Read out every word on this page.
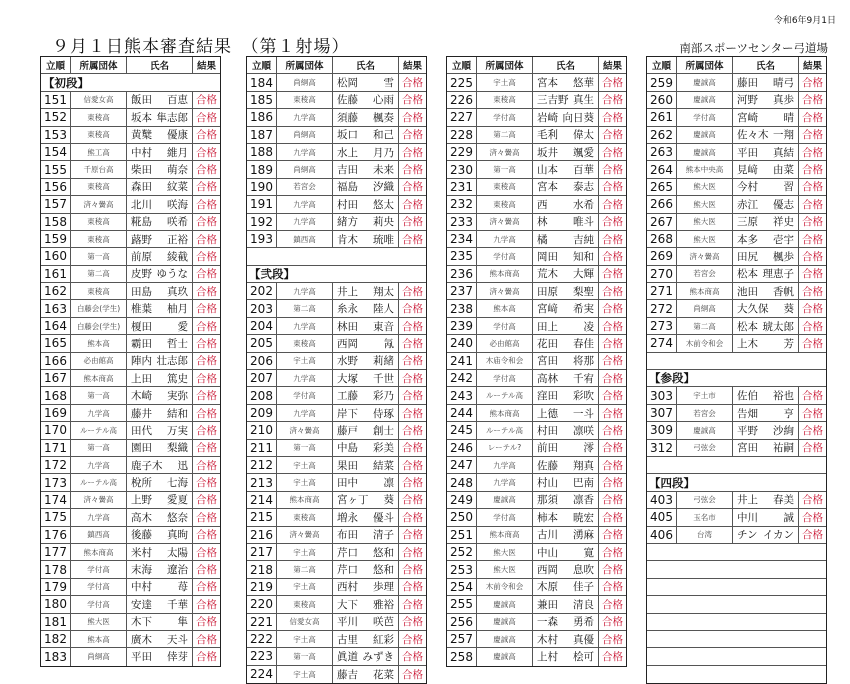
令和6年9月1日
９月１日熊本審査結果　（第１射場）	南部スポーツセンター弓道場
立順	所属団体	氏 名	結果
【初段】
151	信愛女高	飯田 百恵 合格
152	東稜高	坂本 隼志郎 合格
153	東稜高	黄櫱 優康 合格
154	熊工高	中村 維月 合格
155	千原台高	柴田 萌奈 合格
156	東稜高	森田 紋菜 合格
157	済々黌高	北川 咲海 合格
158	東稜高	糀島 咲希 合格
159	東稜高	蕗野 正裕 合格
160	第一高	前原 綾截 合格
161	第二高	皮野 ゆうな 合格
162	東稜高	田島 真玖 合格
163	白藤会(学生)	椎葉 柚月 合格
164	白藤会(学生)	榎田 愛 合格
165	熊本高	霸田 哲士 合格
166	必由館高	陣内 壮志郎 合格
167	熊本商高	上田 篤史 合格
168	第一高	木崎 実弥 合格
169	九学高	藤井 結和 合格
170	ルーテル高	田代 万実 合格
171	第一高	園田 梨織 合格
172	九学高	鹿子木 迅 合格
173	ルーテル高	梲所 七海 合格
174	済々黌高	上野 愛夏 合格
175	九学高	高木 悠奈 合格
176	鎮西高	後藤 真昫 合格
177	熊本商高	米村 太陽 合格
178	学付高	末海 遼治 合格
179	学付高	中村 苺 合格
180	学付高	安達 千華 合格
181	熊大医	木下 隼 合格
182	熊本高	廣木 天斗 合格
183	尚絅高	平田 倖芽 合格
立順	所属団体	氏 名	結果
184	尚絅高	松岡 雪 合格
185	東稜高	佐藤 心雨 合格
186	九学高	須藤 楓奏 合格
187	尚絅高	坂口 和己 合格
188	九学高	水上 月乃 合格
189	尚絅高	吉田 未来 合格
190	若宮会	福島 汐織 合格
191	九学高	村田 悠太 合格
192	九学高	緒方 莉央 合格
193	鎮西高	肯木 琉唯 合格
【弐段】
202	九学高	井上 翔太 合格
203	第二高	糸永 陸人 合格
204	九学高	林田 東音 合格
205	東稜高	西岡 氝 合格
206	宇土高	水野 莉緒 合格
207	九学高	大塚 千世 合格
208	学付高	工藤 彩乃 合格
209	九学高	岸下 侍琢 合格
210	済々黌高	藤戸 創士 合格
211	第一高	中島 彩美 合格
212	宇土高	果田 結菜 合格
213	宇土高	田中 凛 合格
214	熊本商高	宮ヶ丁 葵 合格
215	東稜高	増永 優斗 合格
216	済々黌高	布田 清子 合格
217	宇土高	芹口 悠和 合格
218	第二高	芹口 悠和 合格
219	宇土高	西村 歩理 合格
220	東稜高	大下 雅裕 合格
221	信愛女高	平川 咲芭 合格
222	宇土高	古里 紅彩 合格
223	第一高	眞道 みずき 合格
224	宇土高	藤吉 花菜 合格
立順	所属団体	氏 名	結果
225	宇土高	宮本 悠華 合格
226	東稜高	三吉野 真生 合格
227	学付高	岩崎 向日葵 合格
228	第二高	毛利 偉太 合格
229	済々黌高	坂井 颯愛 合格
230	第一高	山本 百華 合格
231	東稜高	宮本 泰志 合格
232	東稜高	西 水希 合格
233	済々黌高	林 唯斗 合格
234	九学高	橘 吉純 合格
235	学付高	岡田 知和 合格
236	熊本商高	荒木 大輝 合格
237	済々黌高	田原 梨聖 合格
238	熊本高	宮﨑 希実 合格
239	学付高	田上 凌 合格
240	必由館高	花田 春佳 合格
241	木庙令和会	宮田 将那 合格
242	学付高	高林 千宥 合格
243	ルーテル高	窪田 彩吹 合格
244	熊本商高	上德 一斗 合格
245	ルーテル高	村田 凛咲 合格
246	レーテル?	前田 澪 合格
247	九学高	佐藤 翔真 合格
248	九学高	村山 巴南 合格
249	慶誠高	那須 凛香 合格
250	学付高	柿本 暁宏 合格
251	熊本商高	古川 湧麻 合格
252	熊大医	中山 寛 合格
253	熊大医	西岡 息吹 合格
254	木前令和会	木原 佳子 合格
255	慶誠高	兼田 清良 合格
256	慶誠高	一森 勇希 合格
257	慶誠高	木村 真優 合格
258	慶誠高	上村 桧可 合格
立順	所属団体	氏 名	結果
259	慶誠高	藤田 晴弓 合格
260	慶誠高	河野 真歩 合格
261	学付高	宮崎 晴 合格
262	慶誠高	佐々木 一翔 合格
263	慶誠高	平田 真結 合格
264	熊本中央高	見﨑 由菜 合格
265	熊大医	今村 習 合格
266	熊大医	赤江 優志 合格
267	熊大医	三原 祥史 合格
268	熊大医	本多 壱宇 合格
269	済々黌高	田尻 楓歩 合格
270	若宮会	松本 理恵子 合格
271	熊本商高	池田 香帆 合格
272	尚絅高	大久保 葵 合格
273	第二高	松本 琥太郎 合格
274	木前令和会	上木 芳 合格
【参段】
303	宇土市	佐伯 裕也 合格
307	若宮会	告畑 亨 合格
309	慶誠高	平野 沙絢 合格
312	弓弦会	宮田 祐嗣 合格
【四段】
403	弓弦会	井上 春美 合格
405	玉名市	中川 誠 合格
406	台湾	チン イカン 合格
